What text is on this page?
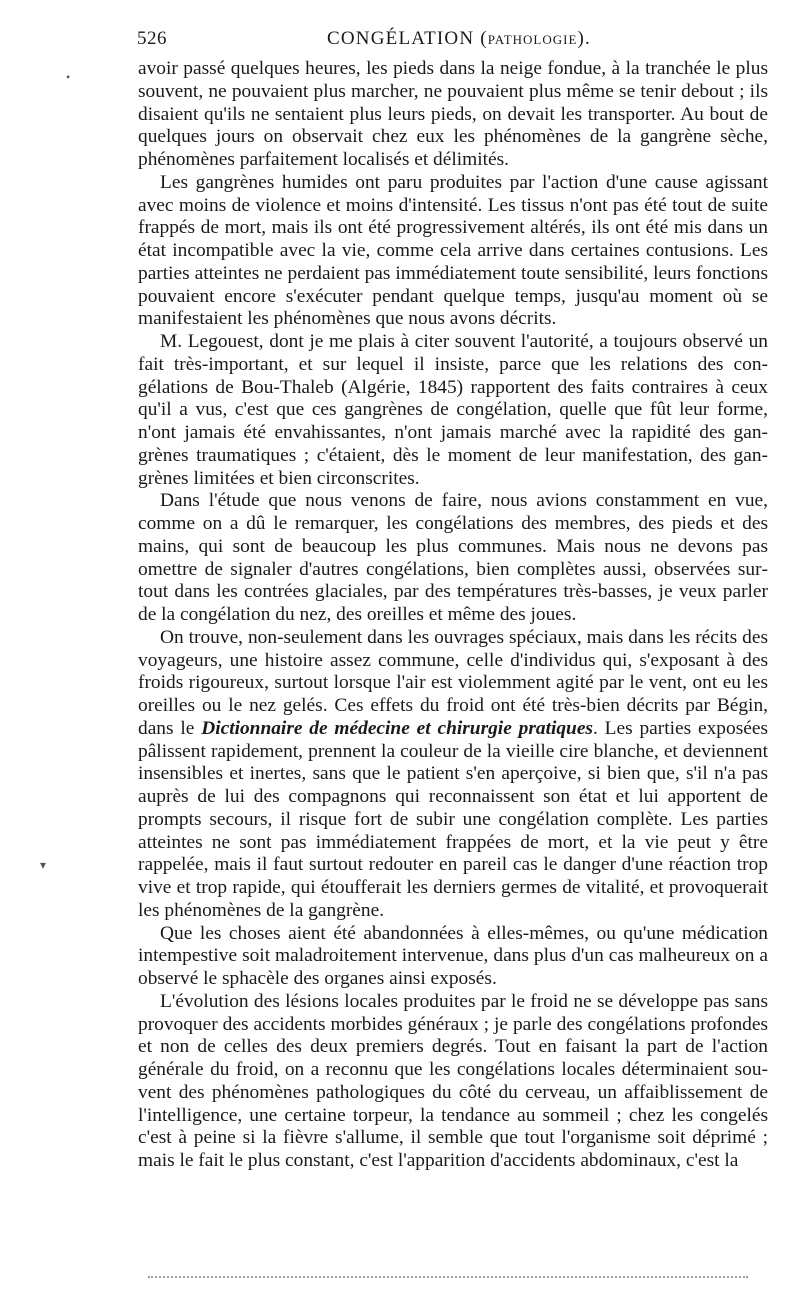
526	CONGÉLATION (PATHOLOGIE).

avoir passé quelques heures, les pieds dans la neige fondue, à la tranchée le plus souvent, ne pouvaient plus marcher, ne pouvaient plus même se tenir debout ; ils disaient qu'ils ne sentaient plus leurs pieds, on devait les transporter. Au bout de quelques jours on observait chez eux les phénomènes de la gangrène sèche, phénomènes parfaitement localisés et délimités.

Les gangrènes humides ont paru produites par l'action d'une cause agissant avec moins de violence et moins d'intensité. Les tissus n'ont pas été tout de suite frappés de mort, mais ils ont été progressivement altérés, ils ont été mis dans un état incompatible avec la vie, comme cela arrive dans certaines contusions. Les parties atteintes ne perdaient pas immédiatement toute sensibilité, leurs fonctions pouvaient encore s'exécuter pendant quelque temps, jusqu'au moment où se manifestaient les phénomènes que nous avons décrits.

M. Legouest, dont je me plais à citer souvent l'autorité, a toujours observé un fait très-important, et sur lequel il insiste, parce que les relations des congélations de Bou-Thaleb (Algérie, 1845) rapportent des faits contraires à ceux qu'il a vus, c'est que ces gangrènes de congélation, quelle que fût leur forme, n'ont jamais été envahissantes, n'ont jamais marché avec la rapidité des gangrènes traumatiques ; c'étaient, dès le moment de leur manifestation, des gangrènes limitées et bien circonscrites.

Dans l'étude que nous venons de faire, nous avions constamment en vue, comme on a dû le remarquer, les congélations des membres, des pieds et des mains, qui sont de beaucoup les plus communes. Mais nous ne devons pas omettre de signaler d'autres congélations, bien complètes aussi, observées surtout dans les contrées glaciales, par des températures très-basses, je veux parler de la congélation du nez, des oreilles et même des joues.

On trouve, non-seulement dans les ouvrages spéciaux, mais dans les récits des voyageurs, une histoire assez commune, celle d'individus qui, s'exposant à des froids rigoureux, surtout lorsque l'air est violemment agité par le vent, ont eu les oreilles ou le nez gelés. Ces effets du froid ont été très-bien décrits par Bégin, dans le Dictionnaire de médecine et chirurgie pratiques. Les parties exposées pâlissent rapidement, prennent la couleur de la vieille cire blanche, et deviennent insensibles et inertes, sans que le patient s'en aperçoive, si bien que, s'il n'a pas auprès de lui des compagnons qui reconnaissent son état et lui apportent de prompts secours, il risque fort de subir une congélation complète. Les parties atteintes ne sont pas immédiatement frappées de mort, et la vie peut y être rappelée, mais il faut surtout redouter en pareil cas le danger d'une réaction trop vive et trop rapide, qui étoufferait les derniers germes de vitalité, et provoquerait les phénomènes de la gangrène.

Que les choses aient été abandonnées à elles-mêmes, ou qu'une médication intempestive soit maladroitement intervenue, dans plus d'un cas malheureux on a observé le sphacèle des organes ainsi exposés.

L'évolution des lésions locales produites par le froid ne se développe pas sans provoquer des accidents morbides généraux ; je parle des congélations profondes et non de celles des deux premiers degrés. Tout en faisant la part de l'action générale du froid, on a reconnu que les congélations locales déterminaient souvent des phénomènes pathologiques du côté du cerveau, un affaiblissement de l'intelligence, une certaine torpeur, la tendance au sommeil ; chez les congelés c'est à peine si la fièvre s'allume, il semble que tout l'organisme soit déprimé ; mais le fait le plus constant, c'est l'apparition d'accidents abdominaux, c'est la

•
▾
